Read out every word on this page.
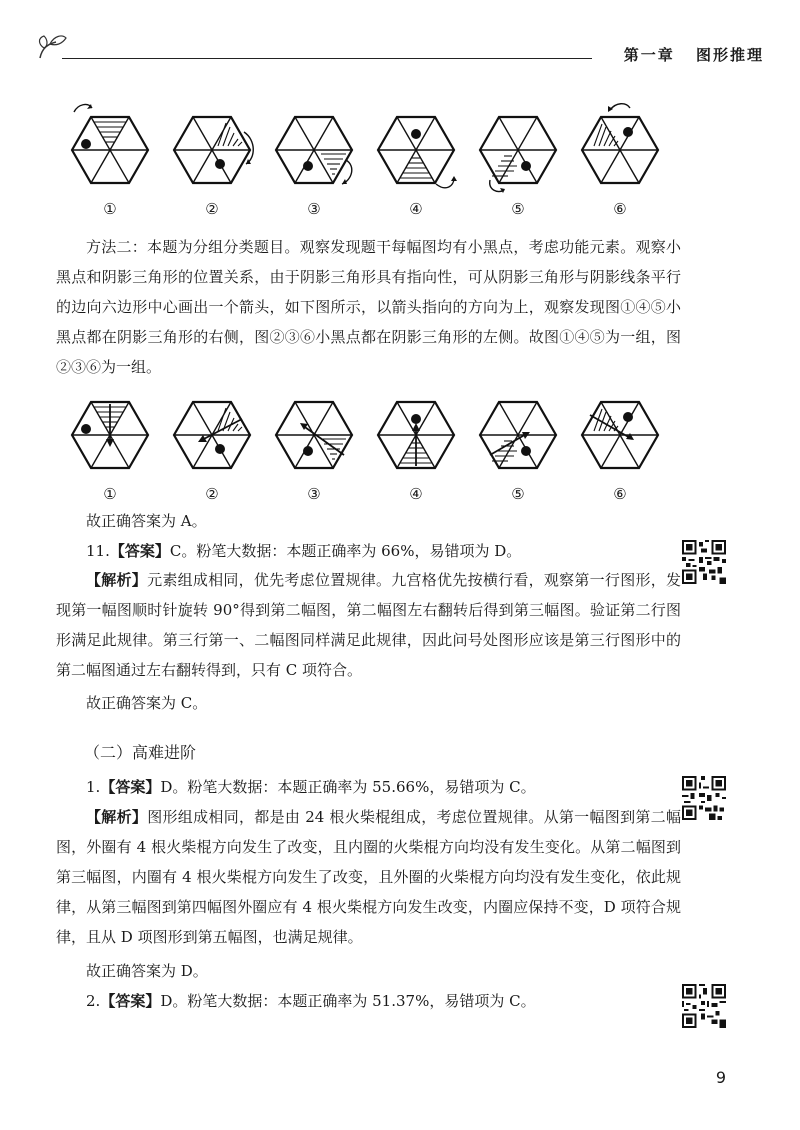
第一章 图形推理
①	②	③	④	⑤	⑥

方法二：本题为分组分类题目。观察发现题干每幅图均有小黑点，考虑功能元素。观察小黑点和阴影三角形的位置关系，由于阴影三角形具有指向性，可从阴影三角形与阴影线条平行的边向六边形中心画出一个箭头，如下图所示，以箭头指向的方向为上，观察发现图①④⑤小黑点都在阴影三角形的右侧，图②③⑥小黑点都在阴影三角形的左侧。故图①④⑤为一组，图②③⑥为一组。

①	②	③	④	⑤	⑥
故正确答案为 A。
11.【答案】C。粉笔大数据：本题正确率为 66%，易错项为 D。

【解析】元素组成相同，优先考虑位置规律。九宫格优先按横行看，观察第一行图形，发现第一幅图顺时针旋转 90°得到第二幅图，第二幅图左右翻转后得到第三幅图。验证第二行图形满足此规律。第三行第一、二幅图同样满足此规律，因此问号处图形应该是第三行图形中的第二幅图通过左右翻转得到，只有 C 项符合。

故正确答案为 C。
（二）高难进阶
1.【答案】D。粉笔大数据：本题正确率为 55.66%，易错项为 C。

【解析】图形组成相同，都是由 24 根火柴棍组成，考虑位置规律。从第一幅图到第二幅图，外圈有 4 根火柴棍方向发生了改变，且内圈的火柴棍方向均没有发生变化。从第二幅图到第三幅图，内圈有 4 根火柴棍方向发生了改变，且外圈的火柴棍方向均没有发生变化，依此规律，从第三幅图到第四幅图外圈应有 4 根火柴棍方向发生改变，内圈应保持不变，D 项符合规律，且从 D 项图形到第五幅图，也满足规律。

故正确答案为 D。
2.【答案】D。粉笔大数据：本题正确率为 51.37%，易错项为 C。
9
